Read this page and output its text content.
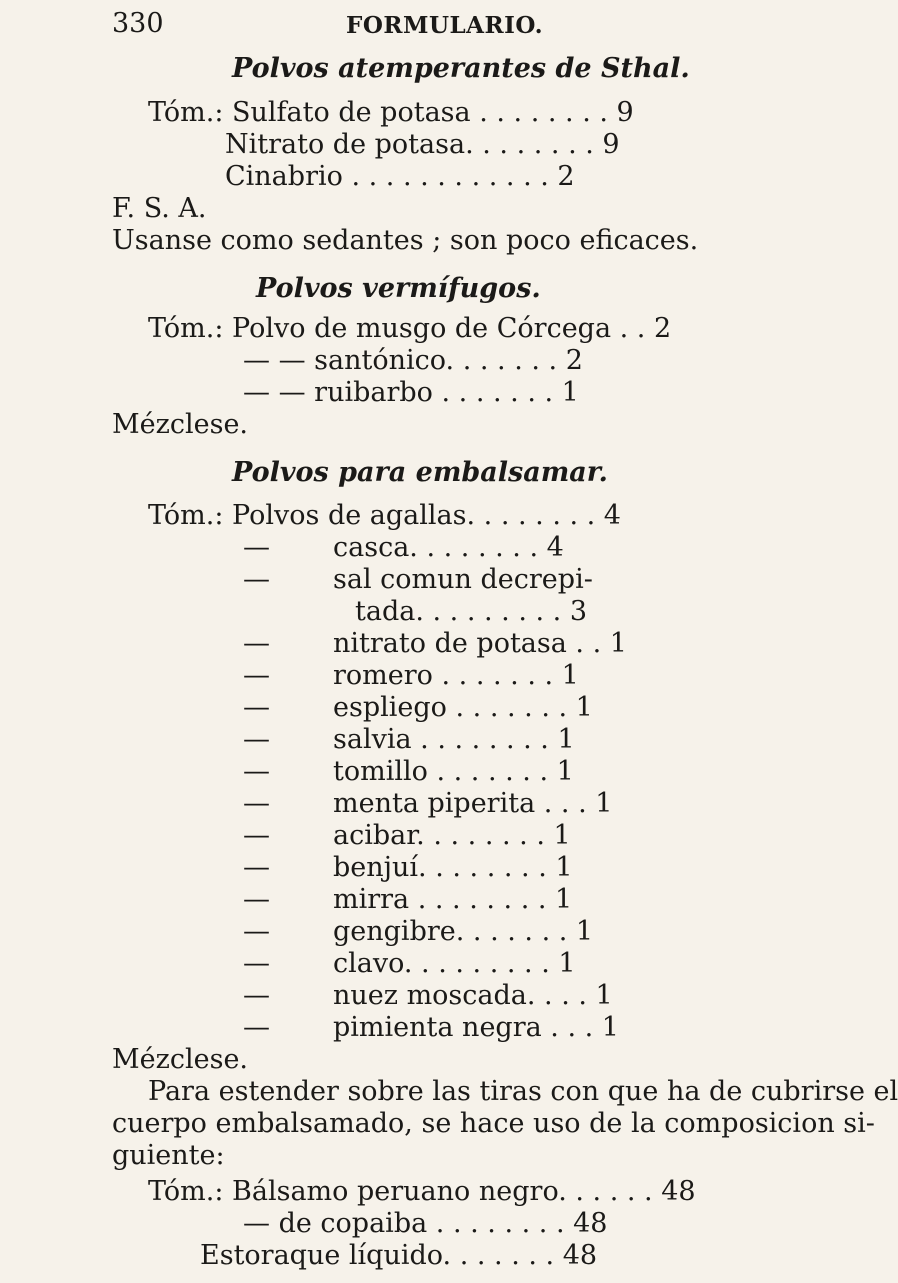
330	FORMULARIO.
Polvos atemperantes de Sthal.
Tóm.: Sulfato de potasa . . . . . . . . 9
Nitrato de potasa. . . . . . . . 9
Cinabrio . . . . . . . . . . . . 2
F. S. A.
Usanse como sedantes ; son poco eficaces.
Polvos vermífugos.
Tóm.: Polvo de musgo de Córcega . . 2
— — santónico. . . . . . . 2
— — ruibarbo . . . . . . . 1
Mézclese.
Polvos para embalsamar.
Tóm.: Polvos de agallas. . . . . . . . 4
— casca. . . . . . . . 4
— sal comun decrepi-
tada. . . . . . . . . 3
— nitrato de potasa . . 1
— romero . . . . . . . 1
— espliego . . . . . . . 1
— salvia . . . . . . . . 1
— tomillo . . . . . . . 1
— menta piperita . . . 1
— acibar. . . . . . . . 1
— benjuí. . . . . . . . 1
— mirra . . . . . . . . 1
— gengibre. . . . . . . 1
— clavo. . . . . . . . . 1
— nuez moscada. . . . 1
— pimienta negra . . . 1
Mézclese.
Para estender sobre las tiras con que ha de cubrirse el
cuerpo embalsamado, se hace uso de la composicion si-
guiente:
Tóm.: Bálsamo peruano negro. . . . . . 48
— de copaiba . . . . . . . . 48
Estoraque líquido. . . . . . . 48
